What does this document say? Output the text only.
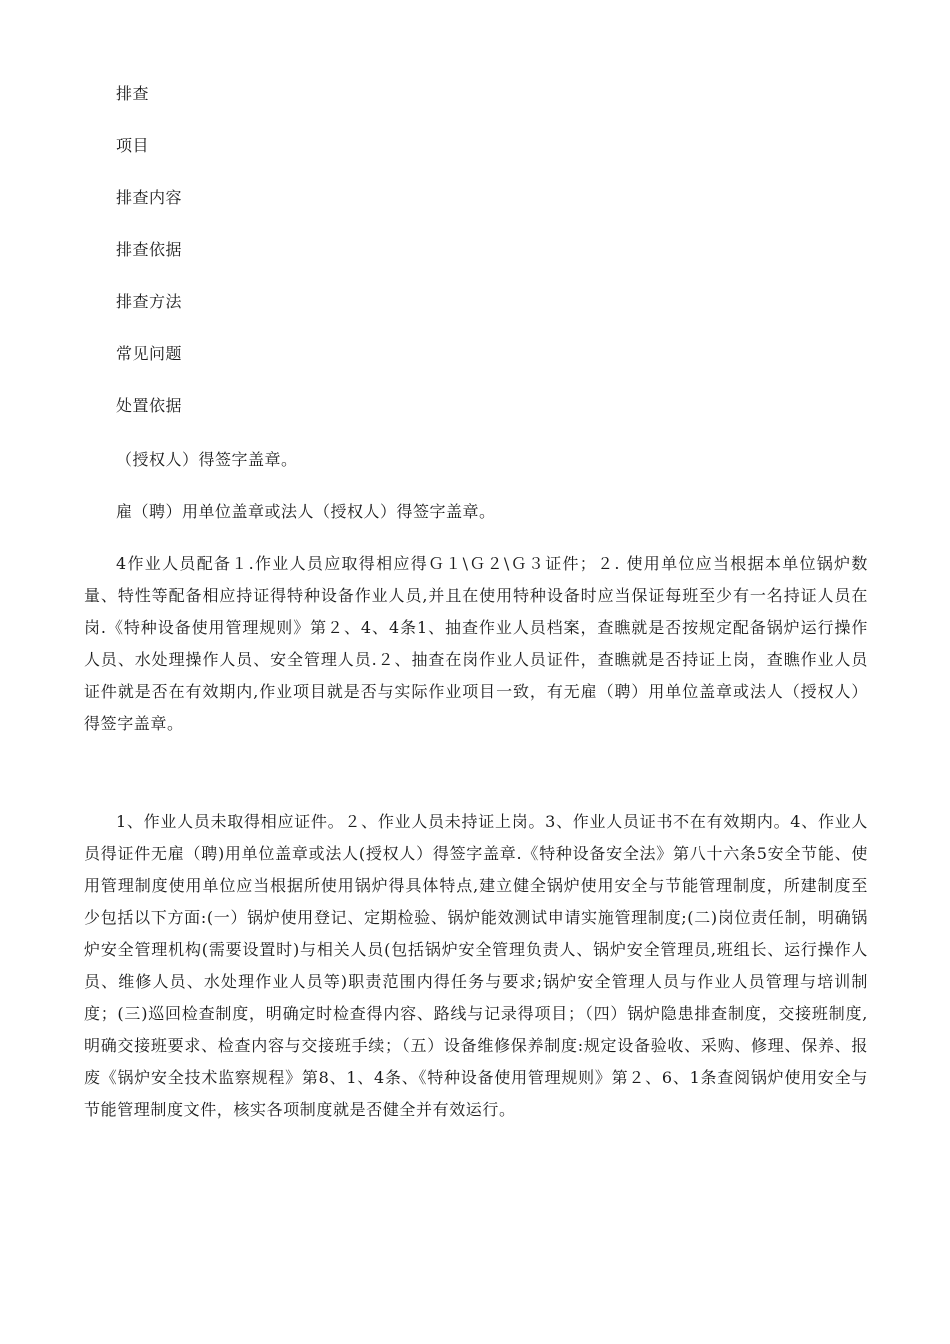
排查
项目
排查内容
排查依据
排查方法
常见问题
处置依据
（授权人）得签字盖章。
雇（聘）用单位盖章或法人（授权人）得签字盖章。

4作业人员配备１.作业人员应取得相应得Ｇ１\Ｇ２\Ｇ３证件；２. 使用单位应当根据本单位锅炉数量、特性等配备相应持证得特种设备作业人员,并且在使用特种设备时应当保证每班至少有一名持证人员在岗.《特种设备使用管理规则》第２、4、4条1、抽查作业人员档案，查瞧就是否按规定配备锅炉运行操作人员、水处理操作人员、安全管理人员.２、抽查在岗作业人员证件，查瞧就是否持证上岗，查瞧作业人员证件就是否在有效期内,作业项目就是否与实际作业项目一致，有无雇（聘）用单位盖章或法人（授权人）得签字盖章。

1、作业人员未取得相应证件。２、作业人员未持证上岗。3、作业人员证书不在有效期内。4、作业人员得证件无雇（聘)用单位盖章或法人(授权人）得签字盖章.《特种设备安全法》第八十六条5安全节能、使用管理制度使用单位应当根据所使用锅炉得具体特点,建立健全锅炉使用安全与节能管理制度，所建制度至少包括以下方面:(一）锅炉使用登记、定期检验、锅炉能效测试申请实施管理制度;(二)岗位责任制，明确锅炉安全管理机构(需要设置时)与相关人员(包括锅炉安全管理负责人、锅炉安全管理员,班组长、运行操作人员、维修人员、水处理作业人员等)职责范围内得任务与要求;锅炉安全管理人员与作业人员管理与培训制度；(三)巡回检查制度，明确定时检查得内容、路线与记录得项目；（四）锅炉隐患排查制度，交接班制度,明确交接班要求、检查内容与交接班手续；（五）设备维修保养制度:规定设备验收、采购、修理、保养、报废《锅炉安全技术监察规程》第8、1、4条、《特种设备使用管理规则》第２、6、1条查阅锅炉使用安全与节能管理制度文件，核实各项制度就是否健全并有效运行。
